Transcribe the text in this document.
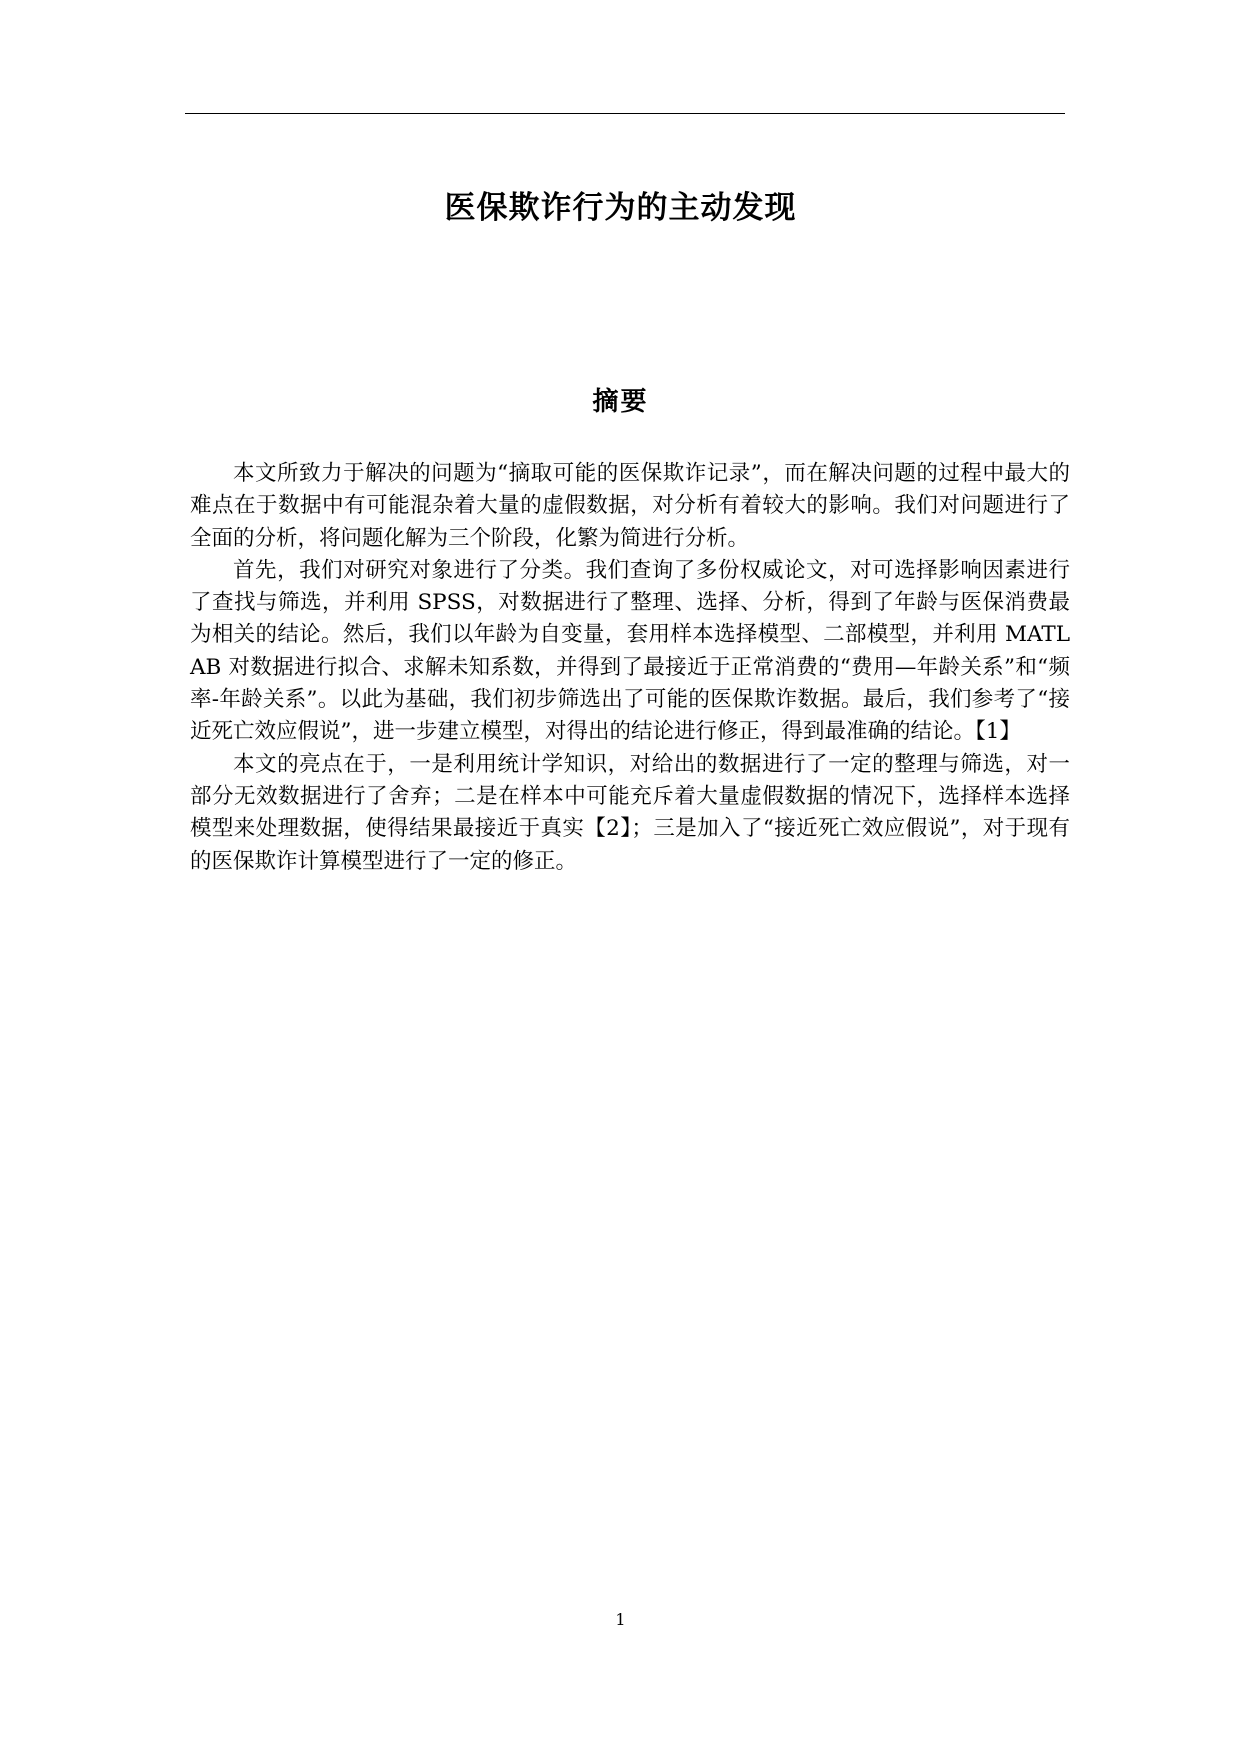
医保欺诈行为的主动发现
摘要

本文所致力于解决的问题为“摘取可能的医保欺诈记录”，而在解决问题的过程中最大的难点在于数据中有可能混杂着大量的虚假数据，对分析有着较大的影响。我们对问题进行了全面的分析，将问题化解为三个阶段，化繁为简进行分析。

首先，我们对研究对象进行了分类。我们查询了多份权威论文，对可选择影响因素进行了查找与筛选，并利用 SPSS，对数据进行了整理、选择、分析，得到了年龄与医保消费最为相关的结论。然后，我们以年龄为自变量，套用样本选择模型、二部模型，并利用 MATLAB 对数据进行拟合、求解未知系数，并得到了最接近于正常消费的“费用—年龄关系”和“频率-年龄关系”。以此为基础，我们初步筛选出了可能的医保欺诈数据。最后，我们参考了“接近死亡效应假说”，进一步建立模型，对得出的结论进行修正，得到最准确的结论。【1】

本文的亮点在于，一是利用统计学知识，对给出的数据进行了一定的整理与筛选，对一部分无效数据进行了舍弃；二是在样本中可能充斥着大量虚假数据的情况下，选择样本选择模型来处理数据，使得结果最接近于真实【2】；三是加入了“接近死亡效应假说”，对于现有的医保欺诈计算模型进行了一定的修正。

1
